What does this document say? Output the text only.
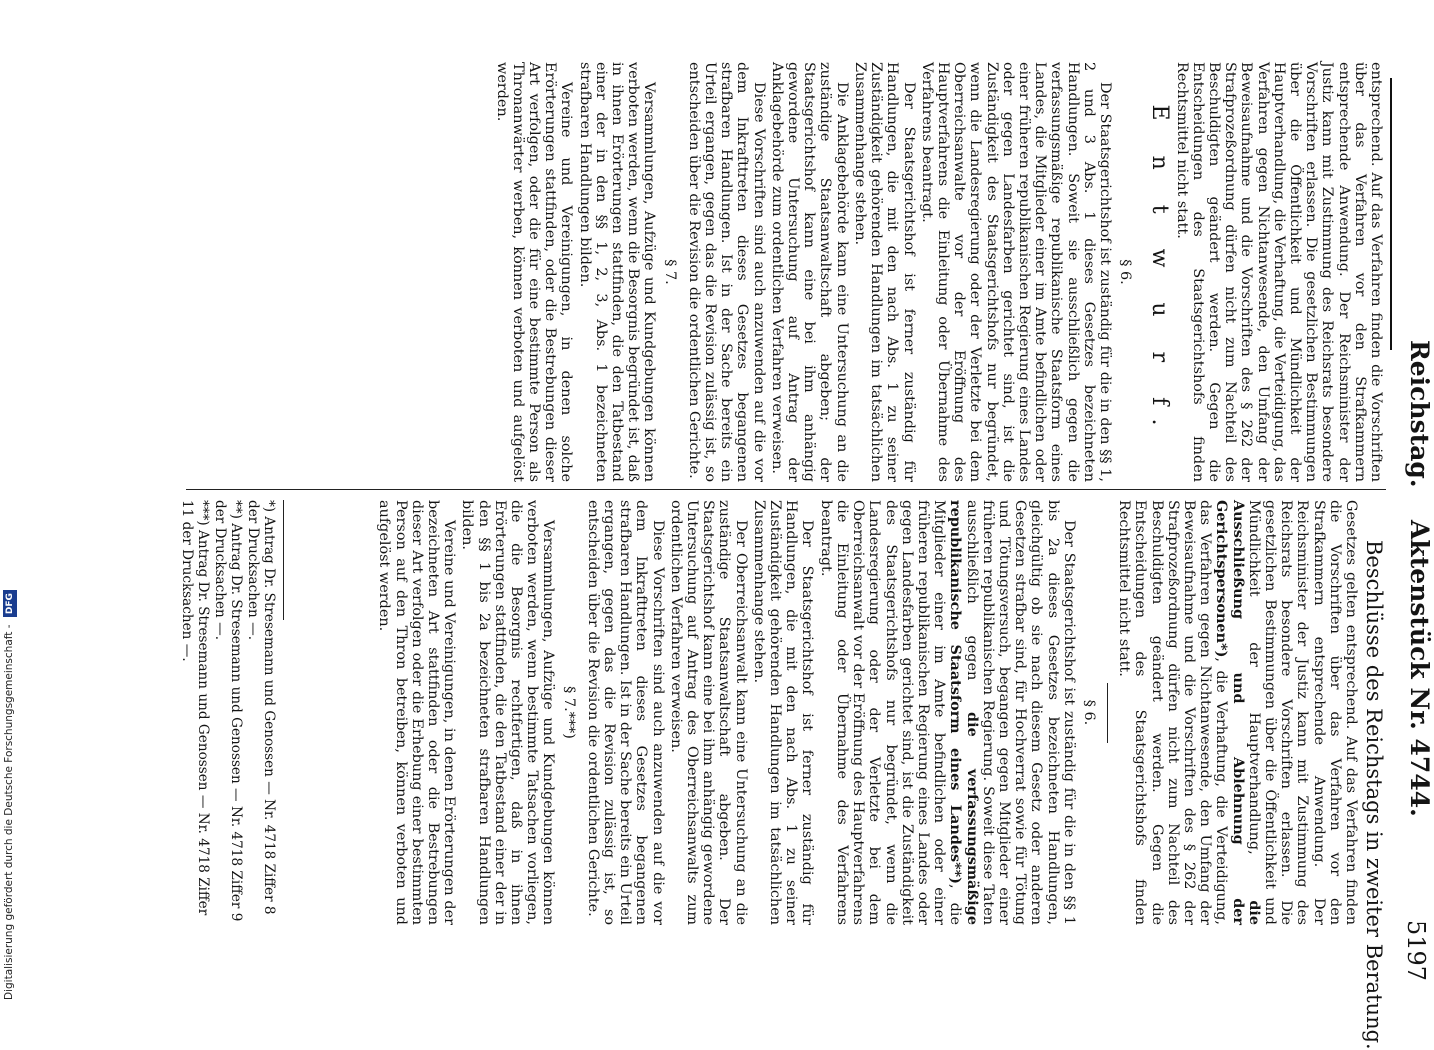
Reichstag.
Aktenstück Nr. 4744.
5197
Beschlüsse des Reichstags in zweiter Beratung.

entsprechend. Auf das Verfahren finden die Vorschriften über das Verfahren vor den Strafkammern entsprechende Anwendung. Der Reichsminister der Justiz kann mit Zustimmung des Reichsrats besondere Vorschriften erlassen. Die gesetzlichen Bestimmungen über die Öffentlichkeit und Mündlichkeit der Hauptverhandlung, die Verhaftung, die Verteidigung, das Verfahren gegen Nichtanwesende, den Umfang der Beweisaufnahme und die Vorschriften des § 262 der Strafprozeßordnung dürfen nicht zum Nachteil des Beschuldigten geändert werden. Gegen die Entscheidungen des Staatsgerichtshofs finden Rechtsmittel nicht statt.

E n t w u r f.
§ 6.

Der Staatsgerichtshof ist zuständig für die in den §§ 1, 2 und 3 Abs. 1 dieses Gesetzes bezeichneten Handlungen. Soweit sie ausschließlich gegen die verfassungsmäßige republikanische Staatsform eines Landes, die Mitglieder einer im Amte befindlichen oder einer früheren republikanischen Regierung eines Landes oder gegen Landesfarben gerichtet sind, ist die Zuständigkeit des Staatsgerichtshofs nur begründet, wenn die Landesregierung oder der Verletzte bei dem Oberreichsanwalte vor der Eröffnung des Hauptverfahrens die Einleitung oder Übernahme des Verfahrens beantragt.

Der Staatsgerichtshof ist ferner zuständig für Handlungen, die mit den nach Abs. 1 zu seiner Zuständigkeit gehörenden Handlungen im tatsächlichen Zusammenhange stehen.

Die Anklagebehörde kann eine Untersuchung an die zuständige Staatsanwaltschaft abgeben; der Staatsgerichtshof kann eine bei ihm anhängig gewordene Untersuchung auf Antrag der Anklagebehörde zum ordentlichen Verfahren verweisen.

Diese Vorschriften sind auch anzuwenden auf die vor dem Inkrafttreten dieses Gesetzes begangenen strafbaren Handlungen. Ist in der Sache bereits ein Urteil ergangen, gegen das die Revision zulässig ist, so entscheiden über die Revision die ordentlichen Gerichte.

§ 7.

Versammlungen, Aufzüge und Kundgebungen können verboten werden, wenn die Besorgnis begründet ist, daß in ihnen Erörterungen stattfinden, die den Tatbestand einer der in den §§ 1, 2, 3, Abs. 1 bezeichneten strafbaren Handlungen bilden.

Vereine und Vereinigungen, in denen solche Erörterungen stattfinden, oder die Bestrebungen dieser Art verfolgen, oder die für eine bestimmte Person als Thronanwärter werben, können verboten und aufgelöst werden.

Gesetzes gelten entsprechend. Auf das Verfahren finden die Vorschriften über das Verfahren vor den Strafkammern entsprechende Anwendung. Der Reichsminister der Justiz kann mit Zustimmung des Reichsrats besondere Vorschriften erlassen. Die gesetzlichen Bestimmungen über die Öffentlichkeit und Mündlichkeit der Hauptverhandlung, die Ausschließung und Ablehnung der Gerichtspersonen*), die Verhaftung, die Verteidigung, das Verfahren gegen Nichtanwesende, den Umfang der Beweisaufnahme und die Vorschriften des § 262 der Strafprozeßordnung dürfen nicht zum Nachteil des Beschuldigten geändert werden. Gegen die Entscheidungen des Staatsgerichtshofs finden Rechtsmittel nicht statt.

§ 6.

Der Staatsgerichtshof ist zuständig für die in den §§ 1 bis 2a dieses Gesetzes bezeichneten Handlungen, gleichgültig ob sie nach diesem Gesetz oder anderen Gesetzen strafbar sind, für Hochverrat sowie für Tötung und Tötungsversuch, begangen gegen Mitglieder einer früheren republikanischen Regierung. Soweit diese Taten ausschließlich gegen die verfassungsmäßige republikanische Staatsform eines Landes**), die Mitglieder einer im Amte befindlichen oder einer früheren republikanischen Regierung eines Landes oder gegen Landesfarben gerichtet sind, ist die Zuständigkeit des Staatsgerichtshofs nur begründet, wenn die Landesregierung oder der Verletzte bei dem Oberreichsanwalt vor der Eröffnung des Hauptverfahrens die Einleitung oder Übernahme des Verfahrens beantragt.

Der Staatsgerichtshof ist ferner zuständig für Handlungen, die mit den nach Abs. 1 zu seiner Zuständigkeit gehörenden Handlungen im tatsächlichen Zusammenhange stehen.

Der Oberreichsanwalt kann eine Untersuchung an die zuständige Staatsanwaltschaft abgeben. Der Staatsgerichtshof kann eine bei ihm anhängig gewordene Untersuchung auf Antrag des Oberreichsanwalts zum ordentlichen Verfahren verweisen.

Diese Vorschriften sind auch anzuwenden auf die vor dem Inkrafttreten dieses Gesetzes begangenen strafbaren Handlungen. Ist in der Sache bereits ein Urteil ergangen, gegen das die Revision zulässig ist, so entscheiden über die Revision die ordentlichen Gerichte.

§ 7.***)

Versammlungen, Aufzüge und Kundgebungen können verboten werden, wenn bestimmte Tatsachen vorliegen, die die Besorgnis rechtfertigen, daß in ihnen Erörterungen stattfinden, die den Tatbestand einer der in den §§ 1 bis 2a bezeichneten strafbaren Handlungen bilden.

Vereine und Vereinigungen, in denen Erörterungen der bezeichneten Art stattfinden oder die Bestrebungen dieser Art verfolgen oder die Erhebung einer bestimmten Person auf den Thron betreiben, können verboten und aufgelöst werden.

*) Antrag Dr. Stresemann und Genossen — Nr. 4718 Ziffer 8 der Drucksachen —.

**) Antrag Dr. Stresemann und Genossen — Nr. 4718 Ziffer 9 der Drucksachen —.

***) Antrag Dr. Stresemann und Genossen — Nr. 4718 Ziffer 11 der Drucksachen —.

Digitalisierung gefördert durch die Deutsche Forschungsgemeinschaft - DFG
